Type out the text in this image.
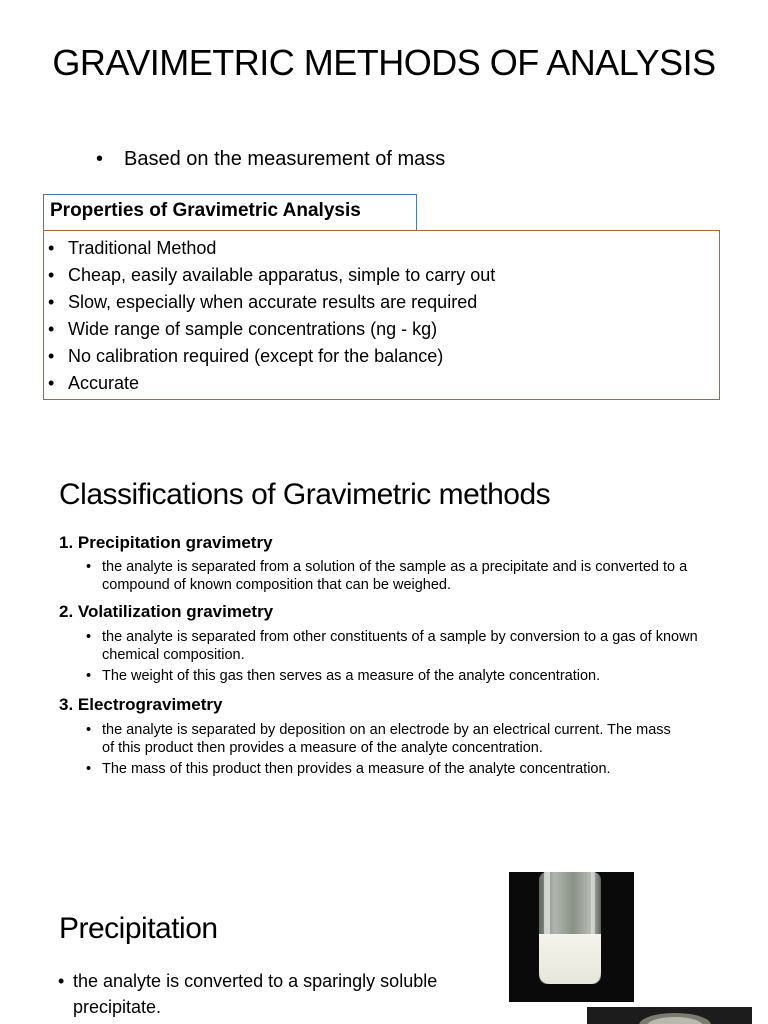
GRAVIMETRIC METHODS OF ANALYSIS
• Based on the measurement of mass
Properties of Gravimetric Analysis
• Traditional Method
• Cheap, easily available apparatus, simple to carry out
• Slow, especially when accurate results are required
• Wide range of sample concentrations (ng - kg)
• No calibration required (except for the balance)
• Accurate
Classifications of Gravimetric methods
1. Precipitation gravimetry
• the analyte is separated from a solution of the sample as a precipitate and is converted to a compound of known composition that can be weighed.
2. Volatilization gravimetry
• the analyte is separated from other constituents of a sample by conversion to a gas of known chemical composition.
• The weight of this gas then serves as a measure of the analyte concentration.
3. Electrogravimetry
• the analyte is separated by deposition on an electrode by an electrical current. The mass of this product then provides a measure of the analyte concentration.
• The mass of this product then provides a measure of the analyte concentration.
Precipitation
• the analyte is converted to a sparingly soluble precipitate.
